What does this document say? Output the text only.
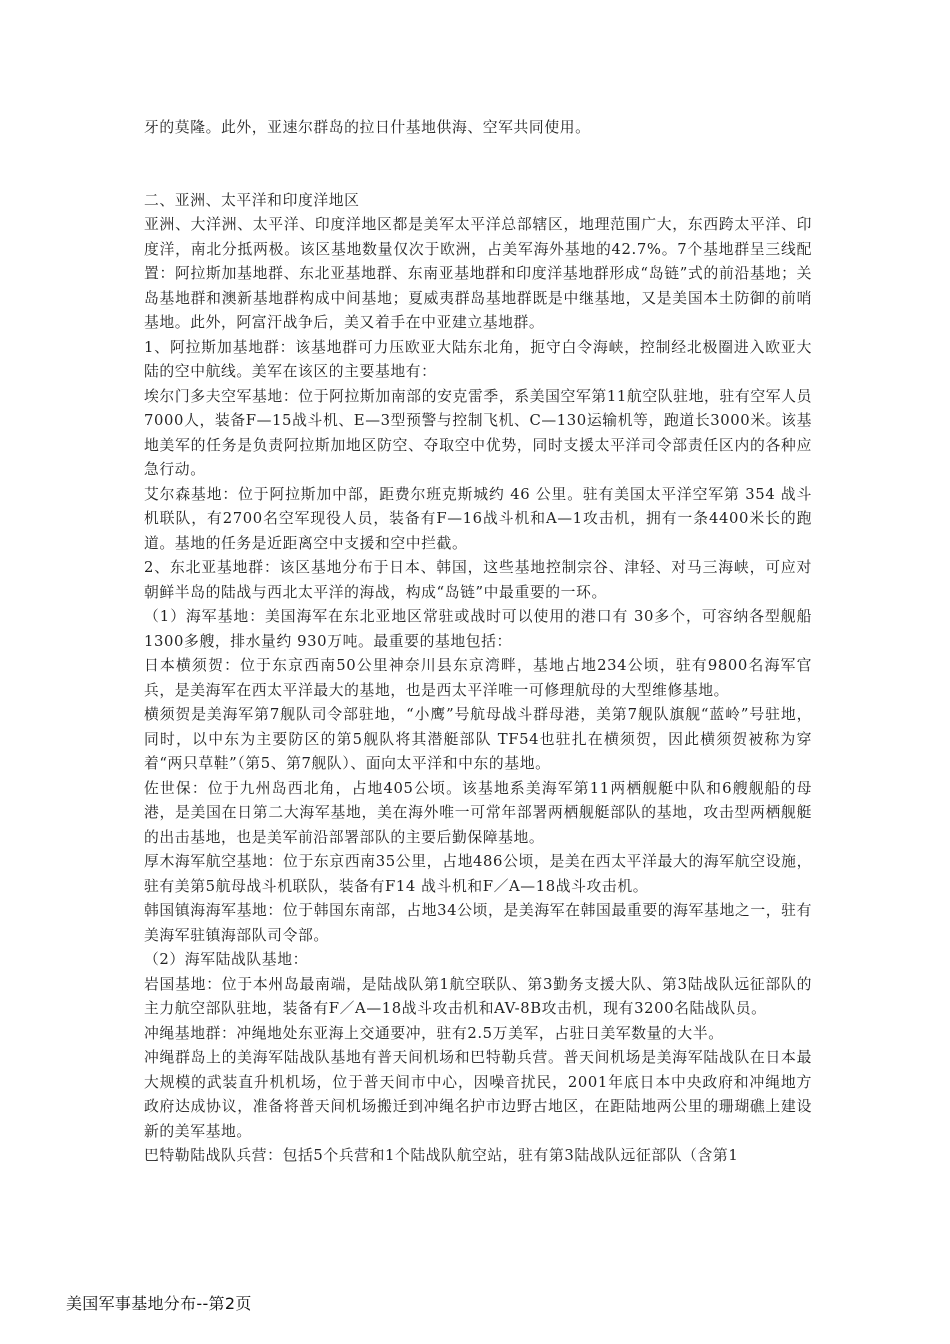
牙的莫隆。此外，亚速尔群岛的拉日什基地供海、空军共同使用。

二、亚洲、太平洋和印度洋地区

亚洲、大洋洲、太平洋、印度洋地区都是美军太平洋总部辖区，地理范围广大，东西跨太平洋、印度洋，南北分抵两极。该区基地数量仅次于欧洲，占美军海外基地的42.7%。7个基地群呈三线配置：阿拉斯加基地群、东北亚基地群、东南亚基地群和印度洋基地群形成“岛链”式的前沿基地；关岛基地群和澳新基地群构成中间基地；夏威夷群岛基地群既是中继基地，又是美国本土防御的前哨基地。此外，阿富汗战争后，美又着手在中亚建立基地群。

1、阿拉斯加基地群：该基地群可力压欧亚大陆东北角，扼守白令海峡，控制经北极圈进入欧亚大陆的空中航线。美军在该区的主要基地有：

埃尔门多夫空军基地：位于阿拉斯加南部的安克雷季，系美国空军第11航空队驻地，驻有空军人员7000人，装备F—15战斗机、E—3型预警与控制飞机、C—130运输机等，跑道长3000米。该基地美军的任务是负责阿拉斯加地区防空、夺取空中优势，同时支援太平洋司令部责任区内的各种应急行动。

艾尔森基地：位于阿拉斯加中部，距费尔班克斯城约 46 公里。驻有美国太平洋空军第 354 战斗机联队，有2700名空军现役人员，装备有F—16战斗机和A—1攻击机，拥有一条4400米长的跑道。基地的任务是近距离空中支援和空中拦截。

2、东北亚基地群：该区基地分布于日本、韩国，这些基地控制宗谷、津轻、对马三海峡，可应对朝鲜半岛的陆战与西北太平洋的海战，构成“岛链”中最重要的一环。

（1）海军基地：美国海军在东北亚地区常驻或战时可以使用的港口有 30多个，可容纳各型舰船 1300多艘，排水量约 930万吨。最重要的基地包括：

日本横须贺：位于东京西南50公里神奈川县东京湾畔，基地占地234公顷，驻有9800名海军官兵，是美海军在西太平洋最大的基地，也是西太平洋唯一可修理航母的大型维修基地。

横须贺是美海军第7舰队司令部驻地，“小鹰”号航母战斗群母港，美第7舰队旗舰“蓝岭”号驻地，同时，以中东为主要防区的第5舰队将其潜艇部队 TF54也驻扎在横须贺，因此横须贺被称为穿着“两只草鞋”（第5、第7舰队）、面向太平洋和中东的基地。

佐世保：位于九州岛西北角，占地405公顷。该基地系美海军第11两栖舰艇中队和6艘舰船的母港，是美国在日第二大海军基地，美在海外唯一可常年部署两栖舰艇部队的基地，攻击型两栖舰艇的出击基地，也是美军前沿部署部队的主要后勤保障基地。

厚木海军航空基地：位于东京西南35公里，占地486公顷，是美在西太平洋最大的海军航空设施，驻有美第5航母战斗机联队，装备有F14 战斗机和F／A—18战斗攻击机。

韩国镇海海军基地：位于韩国东南部，占地34公顷，是美海军在韩国最重要的海军基地之一，驻有美海军驻镇海部队司令部。

（2）海军陆战队基地：

岩国基地：位于本州岛最南端，是陆战队第1航空联队、第3勤务支援大队、第3陆战队远征部队的主力航空部队驻地，装备有F／A—18战斗攻击机和AV-8B攻击机，现有3200名陆战队员。

冲绳基地群：冲绳地处东亚海上交通要冲，驻有2.5万美军，占驻日美军数量的大半。

冲绳群岛上的美海军陆战队基地有普天间机场和巴特勒兵营。普天间机场是美海军陆战队在日本最大规模的武装直升机机场，位于普天间市中心，因噪音扰民，2001年底日本中央政府和冲绳地方政府达成协议，准备将普天间机场搬迁到冲绳名护市边野古地区，在距陆地两公里的珊瑚礁上建设新的美军基地。

巴特勒陆战队兵营：包括5个兵营和1个陆战队航空站，驻有第3陆战队远征部队（含第1

美国军事基地分布--第2页
